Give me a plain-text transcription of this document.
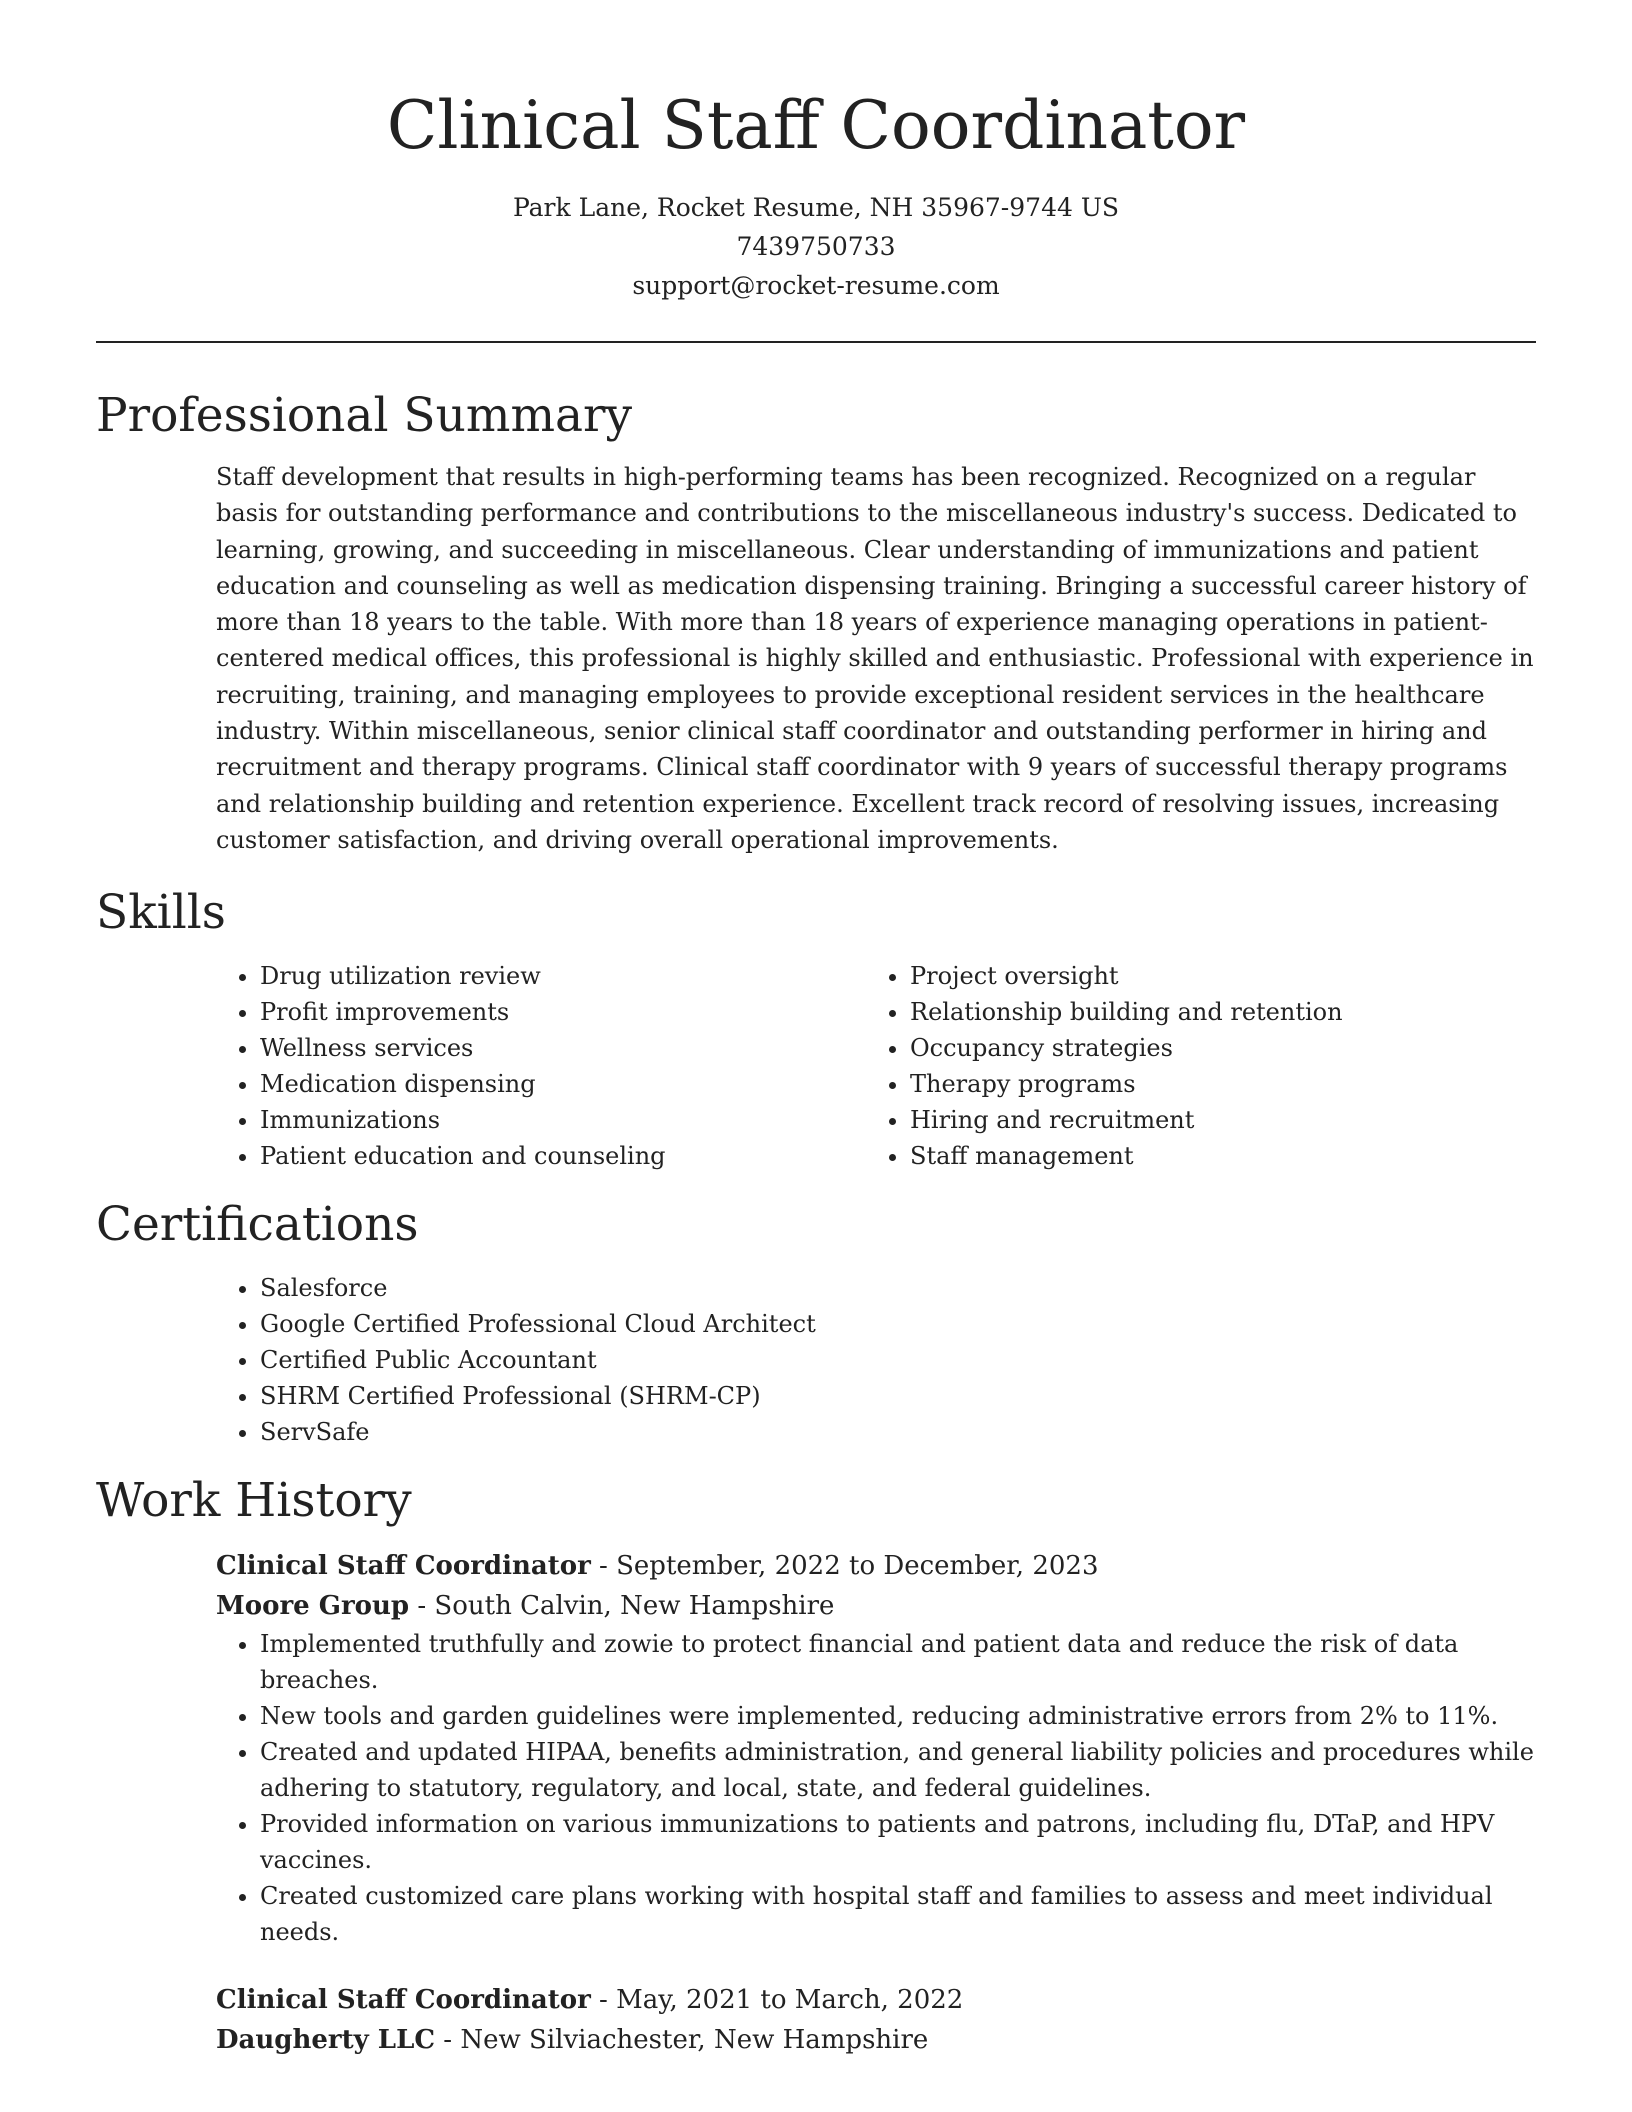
Clinical Staff Coordinator
Park Lane, Rocket Resume, NH 35967-9744 US
7439750733
support@rocket-resume.com
Professional Summary
Staff development that results in high-performing teams has been recognized. Recognized on a regular basis for outstanding performance and contributions to the miscellaneous industry's success. Dedicated to learning, growing, and succeeding in miscellaneous. Clear understanding of immunizations and patient education and counseling as well as medication dispensing training. Bringing a successful career history of more than 18 years to the table. With more than 18 years of experience managing operations in patient-centered medical offices, this professional is highly skilled and enthusiastic. Professional with experience in recruiting, training, and managing employees to provide exceptional resident services in the healthcare industry. Within miscellaneous, senior clinical staff coordinator and outstanding performer in hiring and recruitment and therapy programs. Clinical staff coordinator with 9 years of successful therapy programs and relationship building and retention experience. Excellent track record of resolving issues, increasing customer satisfaction, and driving overall operational improvements.
Skills
• Drug utilization review
• Profit improvements
• Wellness services
• Medication dispensing
• Immunizations
• Patient education and counseling
• Project oversight
• Relationship building and retention
• Occupancy strategies
• Therapy programs
• Hiring and recruitment
• Staff management
Certifications
• Salesforce
• Google Certified Professional Cloud Architect
• Certified Public Accountant
• SHRM Certified Professional (SHRM-CP)
• ServSafe
Work History
Clinical Staff Coordinator - September, 2022 to December, 2023
Moore Group - South Calvin, New Hampshire
• Implemented truthfully and zowie to protect financial and patient data and reduce the risk of data breaches.
• New tools and garden guidelines were implemented, reducing administrative errors from 2% to 11%.
• Created and updated HIPAA, benefits administration, and general liability policies and procedures while adhering to statutory, regulatory, and local, state, and federal guidelines.
• Provided information on various immunizations to patients and patrons, including flu, DTaP, and HPV vaccines.
• Created customized care plans working with hospital staff and families to assess and meet individual needs.
Clinical Staff Coordinator - May, 2021 to March, 2022
Daugherty LLC - New Silviachester, New Hampshire
